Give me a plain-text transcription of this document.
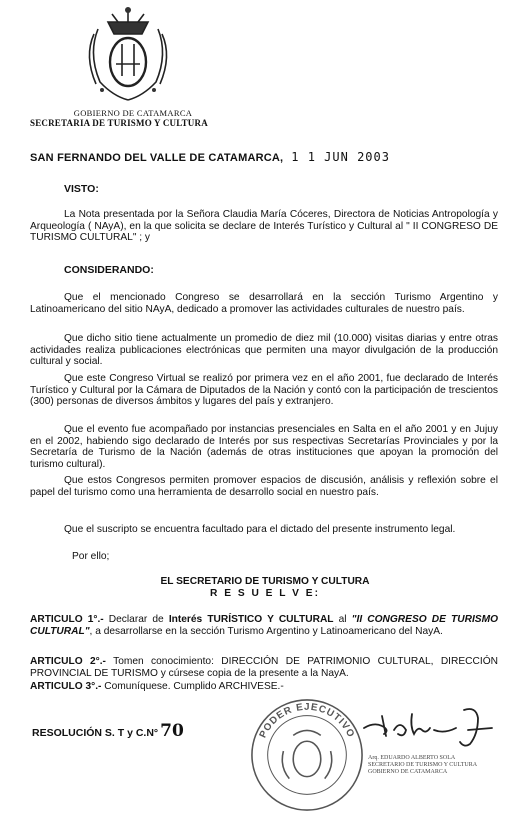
GOBIERNO DE CATAMARCA
SECRETARIA DE TURISMO Y CULTURA
SAN FERNANDO DEL VALLE DE CATAMARCA, 1 1 JUN 2003
VISTO:
La Nota presentada por la Señora Claudia María Cóceres, Directora de Noticias Antropología y Arqueología ( NAyA), en la que solicita se declare de Interés Turístico y Cultural al " II CONGRESO DE TURISMO CULTURAL" ; y
CONSIDERANDO:
Que el mencionado Congreso se desarrollará en la sección Turismo Argentino y Latinoamericano del sitio NAyA, dedicado a promover las actividades culturales de nuestro país.
Que dicho sitio tiene actualmente un promedio de diez mil (10.000) visitas diarias y entre otras actividades realiza publicaciones electrónicas que permiten una mayor divulgación de la producción cultural y social.
Que este Congreso Virtual se realizó por primera vez en el año 2001, fue declarado de Interés Turístico y Cultural por la Cámara de Diputados de la Nación y contó con la participación de trescientos (300) personas de diversos ámbitos y lugares del país y extranjero.
Que el evento fue acompañado por instancias presenciales en Salta en el año 2001 y en Jujuy en el 2002, habiendo sigo declarado de Interés por sus respectivas Secretarías Provinciales y por la Secretaría de Turismo de la Nación (además de otras instituciones que apoyan la promoción del turismo cultural).
Que estos Congresos permiten promover espacios de discusión, análisis y reflexión sobre el papel del turismo como una herramienta de desarrollo social en nuestro país.
Que el suscripto se encuentra facultado para el dictado del presente instrumento legal.
Por ello;
EL SECRETARIO DE TURISMO Y CULTURA
R E S U E L V E:
ARTICULO 1°.- Declarar de Interés TURÍSTICO Y CULTURAL al "II CONGRESO DE TURISMO CULTURAL", a desarrollarse en la sección Turismo Argentino y Latinoamericano del NayA.
ARTICULO 2°.- Tomen conocimiento: DIRECCIÓN DE PATRIMONIO CULTURAL, DIRECCIÓN PROVINCIAL DE TURISMO y cúrsese copia de la presente a la NayA.
ARTICULO 3°.- Comuníquese. Cumplido ARCHIVESE.-
RESOLUCIÓN S. T y C.N° 70	PODER EJECUTIVO
Arq. EDUARDO ALBERTO SOLA
SECRETARIO DE TURISMO Y CULTURA
GOBIERNO DE CATAMARCA
